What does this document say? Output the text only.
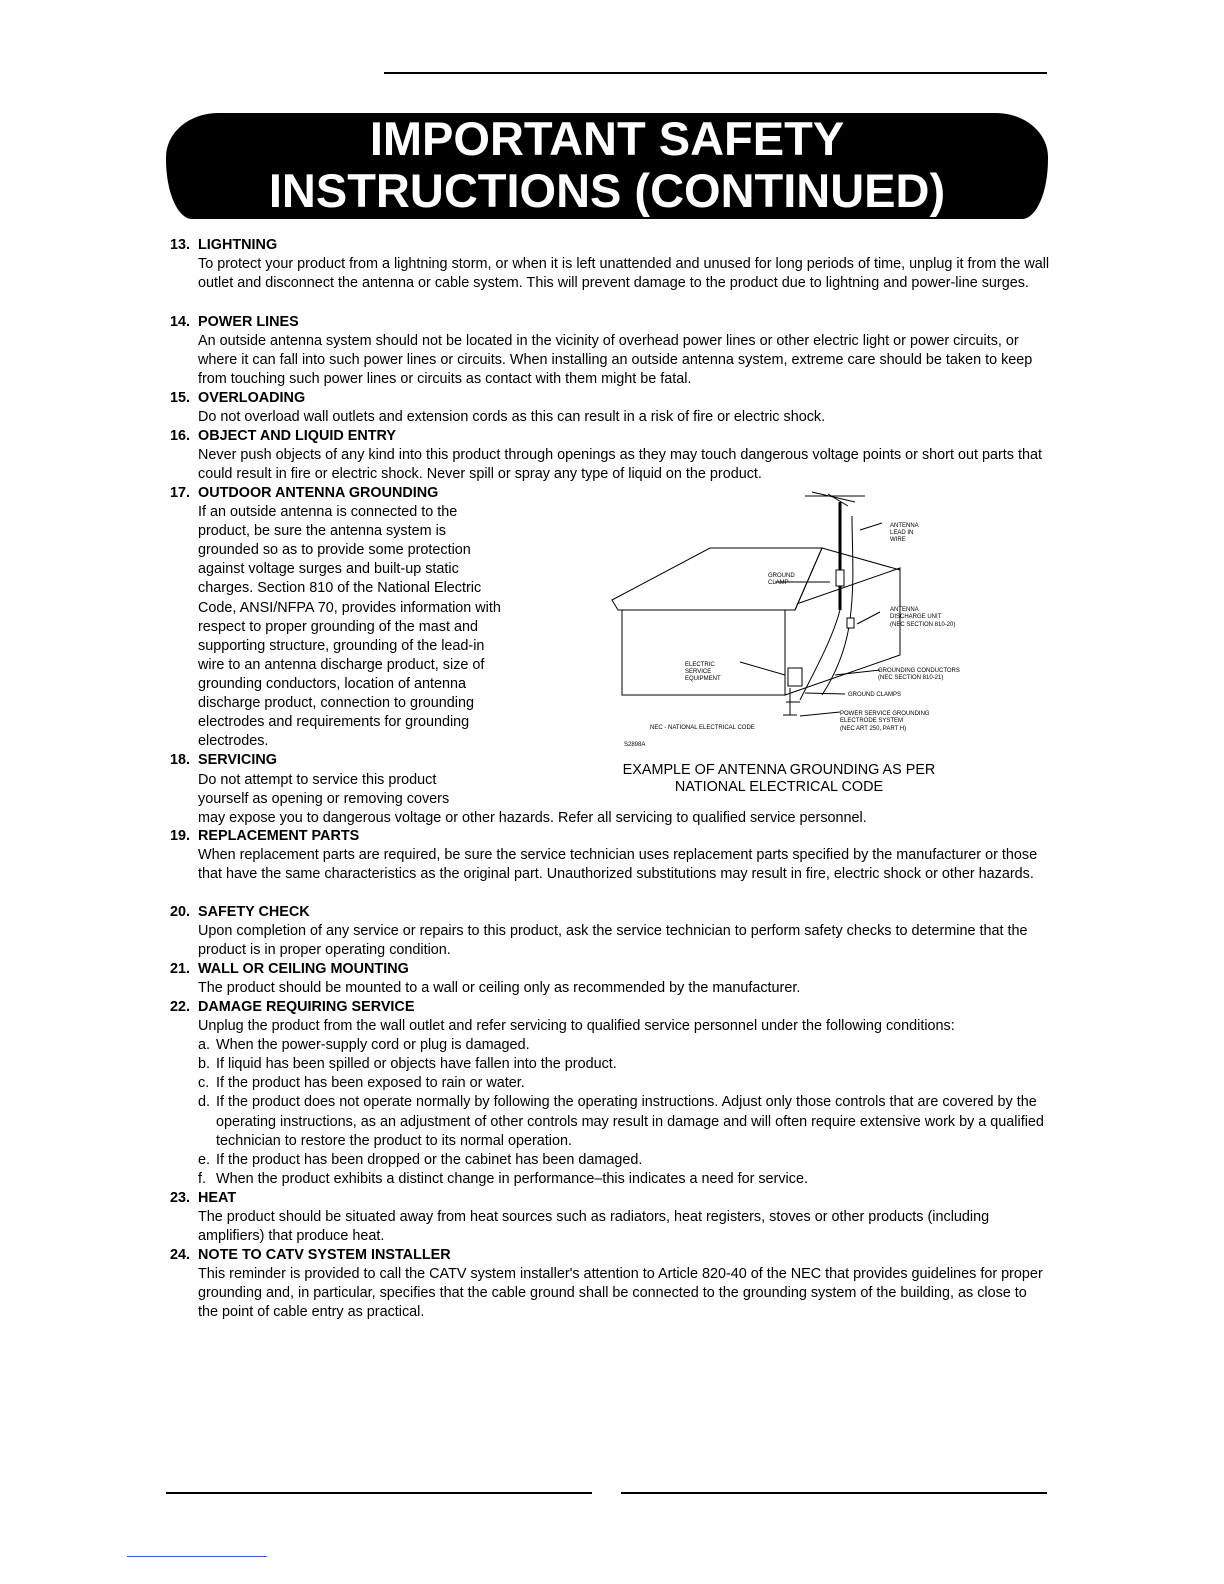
IMPORTANT SAFETY
INSTRUCTIONS (CONTINUED)
13. LIGHTNING
To protect your product from a lightning storm, or when it is left unattended and unused for long periods of time, unplug it from the wall outlet and disconnect the antenna or cable system. This will prevent damage to the product due to lightning and power-line surges.
14. POWER LINES
An outside antenna system should not be located in the vicinity of overhead power lines or other electric light or power circuits, or where it can fall into such power lines or circuits. When installing an outside antenna system, extreme care should be taken to keep from touching such power lines or circuits as contact with them might be fatal.
15. OVERLOADING
Do not overload wall outlets and extension cords as this can result in a risk of fire or electric shock.
16. OBJECT AND LIQUID ENTRY
Never push objects of any kind into this product through openings as they may touch dangerous voltage points or short out parts that could result in fire or electric shock. Never spill or spray any type of liquid on the product.
17. OUTDOOR ANTENNA GROUNDING
If an outside antenna is connected to the product, be sure the antenna system is grounded so as to provide some protection against voltage surges and built-up static charges. Section 810 of the National Electric Code, ANSI/NFPA 70, provides information with respect to proper grounding of the mast and supporting structure, grounding of the lead-in wire to an antenna discharge product, size of grounding conductors, location of antenna discharge product, connection to grounding electrodes and requirements for grounding electrodes.
18. SERVICING
Do not attempt to service this product yourself as opening or removing covers
may expose you to dangerous voltage or other hazards. Refer all servicing to qualified service personnel.
19. REPLACEMENT PARTS
When replacement parts are required, be sure the service technician uses replacement parts specified by the manufacturer or those that have the same characteristics as the original part. Unauthorized substitutions may result in fire, electric shock or other hazards.
20. SAFETY CHECK
Upon completion of any service or repairs to this product, ask the service technician to perform safety checks to determine that the product is in proper operating condition.
21. WALL OR CEILING MOUNTING
The product should be mounted to a wall or ceiling only as recommended by the manufacturer.
22. DAMAGE REQUIRING SERVICE
Unplug the product from the wall outlet and refer servicing to qualified service personnel under the following conditions:
a. When the power-supply cord or plug is damaged.
b. If liquid has been spilled or objects have fallen into the product.
c. If the product has been exposed to rain or water.
d. If the product does not operate normally by following the operating instructions. Adjust only those controls that are covered by the operating instructions, as an adjustment of other controls may result in damage and will often require extensive work by a qualified technician to restore the product to its normal operation.
e. If the product has been dropped or the cabinet has been damaged.
f. When the product exhibits a distinct change in performance–this indicates a need for service.
23. HEAT
The product should be situated away from heat sources such as radiators, heat registers, stoves or other products (including amplifiers) that produce heat.
24. NOTE TO CATV SYSTEM INSTALLER
This reminder is provided to call the CATV system installer's attention to Article 820-40 of the NEC that provides guidelines for proper grounding and, in particular, specifies that the cable ground shall be connected to the grounding system of the building, as close to the point of cable entry as practical.
ANTENNA
LEAD IN
WIRE
GROUND
CLAMP
ANTENNA
DISCHARGE UNIT
(NEC SECTION 810-20)
ELECTRIC
SERVICE
EQUIPMENT
GROUNDING CONDUCTORS
(NEC SECTION 810-21)
GROUND CLAMPS
POWER SERVICE GROUNDING
ELECTRODE SYSTEM
(NEC ART 250, PART H)
NEC - NATIONAL ELECTRICAL CODE
S2898A
EXAMPLE OF ANTENNA GROUNDING AS PER
NATIONAL ELECTRICAL CODE
